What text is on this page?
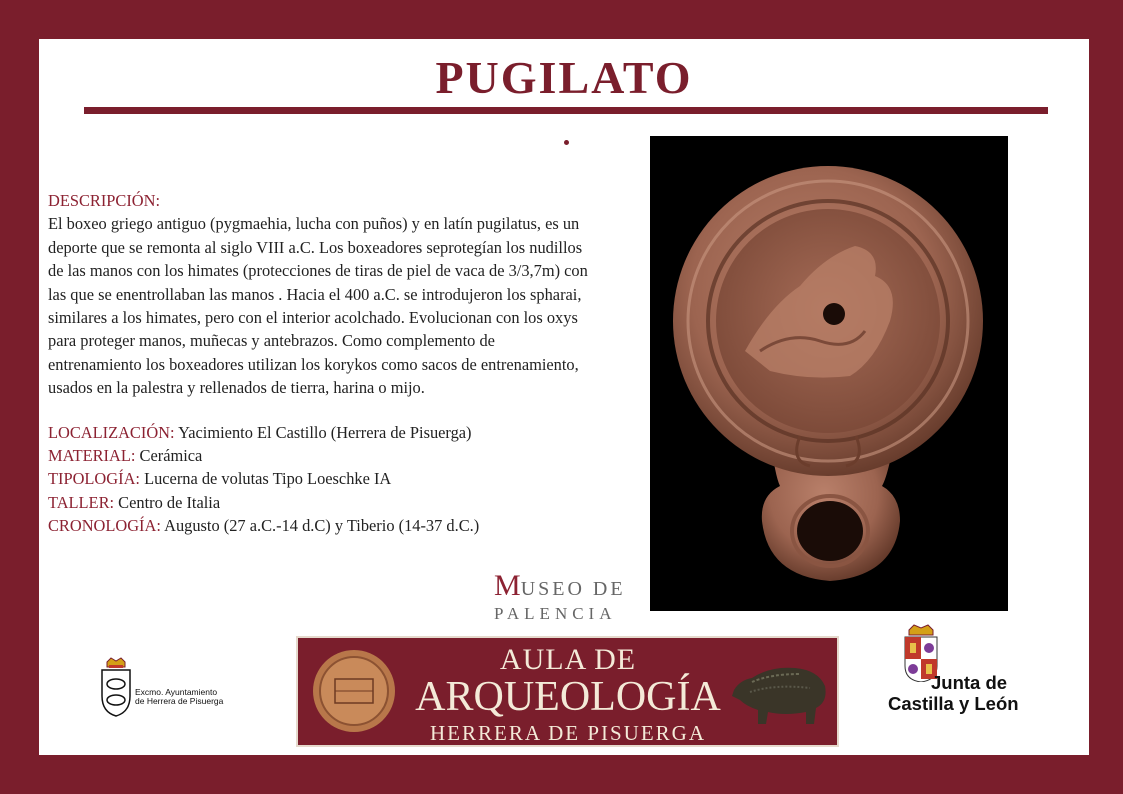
PUGILATO
DESCRIPCIÓN:

El boxeo griego antiguo (pygmaehia, lucha con puños) y en latín pugilatus, es un deporte que se remonta al siglo VIII a.C. Los boxeadores seprotegían los nudillos de las manos con los himates (protecciones de tiras de piel de vaca de 3/3,7m) con las que se enentrollaban las manos . Hacia el 400 a.C. se introdujeron los spharai, similares a los himates, pero con el interior acolchado. Evolucionan con los oxys para proteger manos, muñecas y antebrazos. Como complemento de entrenamiento los boxeadores utilizan los korykos como sacos de entrenamiento, usados en la palestra y rellenados de tierra, harina o mijo.

LOCALIZACIÓN: Yacimiento El Castillo (Herrera de Pisuerga)
MATERIAL: Cerámica
TIPOLOGÍA: Lucerna de volutas Tipo Loeschke IA
TALLER: Centro de Italia
CRONOLOGÍA: Augusto (27 a.C.-14 d.C) y Tiberio (14-37 d.C.)
MUSEO DE
PALENCIA
AULA DE
ARQUEOLOGÍA
HERRERA DE PISUERGA
Excmo. Ayuntamiento
de Herrera de Pisuerga
Junta de
Castilla y León
